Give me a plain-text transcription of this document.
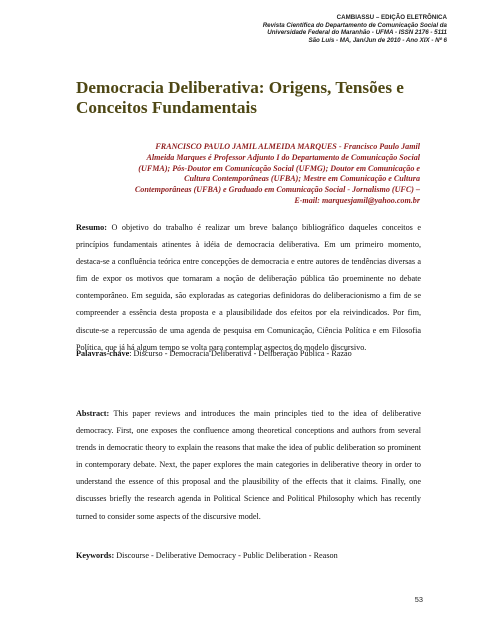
CAMBIASSU – EDIÇÃO ELETRÔNICA
Revista Científica do Departamento de Comunicação Social da
Universidade Federal do Maranhão - UFMA - ISSN 2176 - 5111
São Luís - MA, Jan/Jun de 2010 - Ano XIX - Nº 6
Democracia Deliberativa: Origens, Tensões e Conceitos Fundamentais
FRANCISCO PAULO JAMIL ALMEIDA MARQUES - Francisco Paulo Jamil Almeida Marques é Professor Adjunto I do Departamento de Comunicação Social (UFMA); Pós-Doutor em Comunicação Social (UFMG); Doutor em Comunicação e Cultura Contemporâneas (UFBA); Mestre em Comunicação e Cultura Contemporâneas (UFBA) e Graduado em Comunicação Social - Jornalismo (UFC) – E-mail: marquesjamil@yahoo.com.br

Resumo: O objetivo do trabalho é realizar um breve balanço bibliográfico daqueles conceitos e princípios fundamentais atinentes à idéia de democracia deliberativa. Em um primeiro momento, destaca-se a confluência teórica entre concepções de democracia e entre autores de tendências diversas a fim de expor os motivos que tornaram a noção de deliberação pública tão proeminente no debate contemporâneo. Em seguida, são exploradas as categorias definidoras do deliberacionismo a fim de se compreender a essência desta proposta e a plausibilidade dos efeitos por ela reivindicados. Por fim, discute-se a repercussão de uma agenda de pesquisa em Comunicação, Ciência Política e em Filosofia Política, que já há algum tempo se volta para contemplar aspectos do modelo discursivo.

Palavras-chave: Discurso - Democracia Deliberativa - Deliberação Pública - Razão

Abstract: This paper reviews and introduces the main principles tied to the idea of deliberative democracy. First, one exposes the confluence among theoretical conceptions and authors from several trends in democratic theory to explain the reasons that make the idea of public deliberation so prominent in contemporary debate. Next, the paper explores the main categories in deliberative theory in order to understand the essence of this proposal and the plausibility of the effects that it claims. Finally, one discusses briefly the research agenda in Political Science and Political Philosophy which has recently turned to consider some aspects of the discursive model.

Keywords: Discourse - Deliberative Democracy - Public Deliberation - Reason

53
